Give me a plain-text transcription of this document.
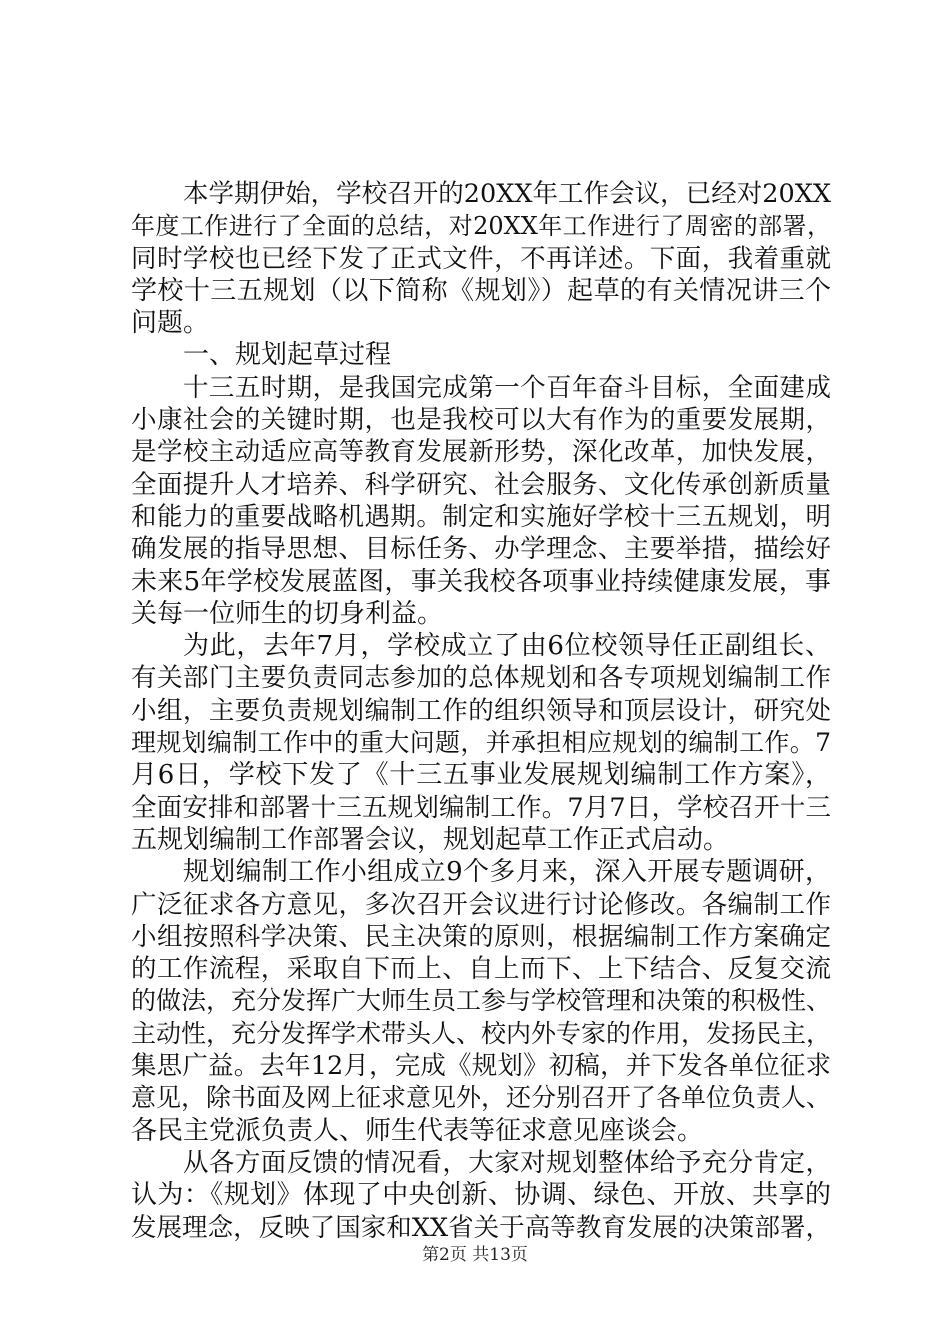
本学期伊始，学校召开的20XX年工作会议，已经对20XX
年度工作进行了全面的总结，对20XX年工作进行了周密的部署，
同时学校也已经下发了正式文件，不再详述。下面，我着重就
学校十三五规划（以下简称《规划》）起草的有关情况讲三个
问题。
一、规划起草过程
十三五时期，是我国完成第一个百年奋斗目标，全面建成
小康社会的关键时期，也是我校可以大有作为的重要发展期，
是学校主动适应高等教育发展新形势，深化改革，加快发展，
全面提升人才培养、科学研究、社会服务、文化传承创新质量
和能力的重要战略机遇期。制定和实施好学校十三五规划，明
确发展的指导思想、目标任务、办学理念、主要举措，描绘好
未来5年学校发展蓝图，事关我校各项事业持续健康发展，事
关每一位师生的切身利益。
为此，去年7月，学校成立了由6位校领导任正副组长、
有关部门主要负责同志参加的总体规划和各专项规划编制工作
小组，主要负责规划编制工作的组织领导和顶层设计，研究处
理规划编制工作中的重大问题，并承担相应规划的编制工作。7
月6日，学校下发了《十三五事业发展规划编制工作方案》，
全面安排和部署十三五规划编制工作。7月7日，学校召开十三
五规划编制工作部署会议，规划起草工作正式启动。
规划编制工作小组成立9个多月来，深入开展专题调研，
广泛征求各方意见，多次召开会议进行讨论修改。各编制工作
小组按照科学决策、民主决策的原则，根据编制工作方案确定
的工作流程，采取自下而上、自上而下、上下结合、反复交流
的做法，充分发挥广大师生员工参与学校管理和决策的积极性、
主动性，充分发挥学术带头人、校内外专家的作用，发扬民主，
集思广益。去年12月，完成《规划》初稿，并下发各单位征求
意见，除书面及网上征求意见外，还分别召开了各单位负责人、
各民主党派负责人、师生代表等征求意见座谈会。
从各方面反馈的情况看，大家对规划整体给予充分肯定，
认为：《规划》体现了中央创新、协调、绿色、开放、共享的
发展理念，反映了国家和XX省关于高等教育发展的决策部署，
第2页 共13页
